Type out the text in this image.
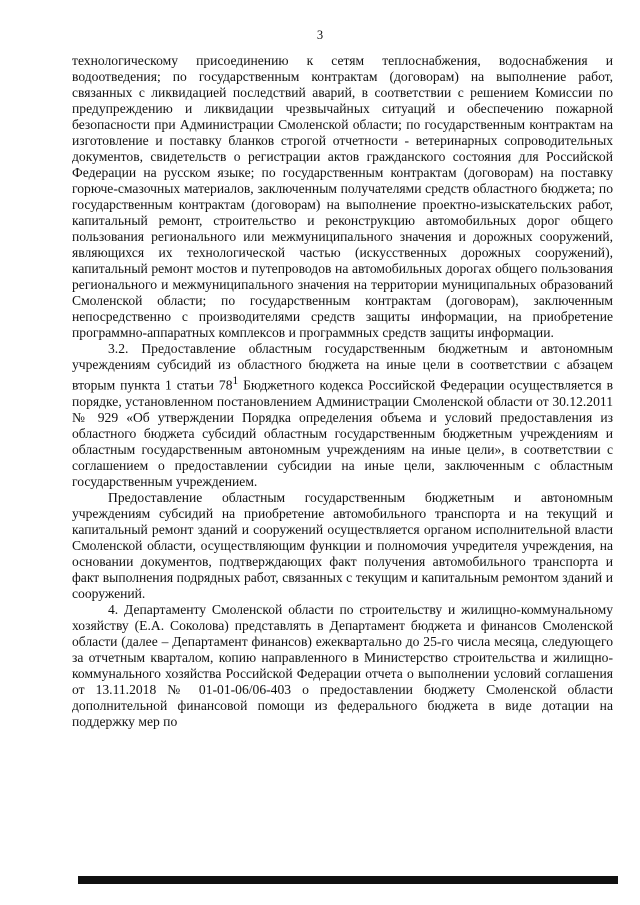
3

технологическому присоединению к сетям теплоснабжения, водоснабжения и водоотведения; по государственным контрактам (договорам) на выполнение работ, связанных с ликвидацией последствий аварий, в соответствии с решением Комиссии по предупреждению и ликвидации чрезвычайных ситуаций и обеспечению пожарной безопасности при Администрации Смоленской области; по государственным контрактам на изготовление и поставку бланков строгой отчетности - ветеринарных сопроводительных документов, свидетельств о регистрации актов гражданского состояния для Российской Федерации на русском языке; по государственным контрактам (договорам) на поставку горюче-смазочных материалов, заключенным получателями средств областного бюджета; по государственным контрактам (договорам) на выполнение проектно-изыскательских работ, капитальный ремонт, строительство и реконструкцию автомобильных дорог общего пользования регионального или межмуниципального значения и дорожных сооружений, являющихся их технологической частью (искусственных дорожных сооружений), капитальный ремонт мостов и путепроводов на автомобильных дорогах общего пользования регионального и межмуниципального значения на территории муниципальных образований Смоленской области; по государственным контрактам (договорам), заключенным непосредственно с производителями средств защиты информации, на приобретение программно-аппаратных комплексов и программных средств защиты информации.

3.2. Предоставление областным государственным бюджетным и автономным учреждениям субсидий из областного бюджета на иные цели в соответствии с абзацем вторым пункта 1 статьи $78^1$ Бюджетного кодекса Российской Федерации осуществляется в порядке, установленном постановлением Администрации Смоленской области от 30.12.2011 № 929 «Об утверждении Порядка определения объема и условий предоставления из областного бюджета субсидий областным государственным бюджетным учреждениям и областным государственным автономным учреждениям на иные цели», в соответствии с соглашением о предоставлении субсидии на иные цели, заключенным с областным государственным учреждением.

Предоставление областным государственным бюджетным и автономным учреждениям субсидий на приобретение автомобильного транспорта и на текущий и капитальный ремонт зданий и сооружений осуществляется органом исполнительной власти Смоленской области, осуществляющим функции и полномочия учредителя учреждения, на основании документов, подтверждающих факт получения автомобильного транспорта и факт выполнения подрядных работ, связанных с текущим и капитальным ремонтом зданий и сооружений.

4. Департаменту Смоленской области по строительству и жилищно-коммунальному хозяйству (Е.А. Соколова) представлять в Департамент бюджета и финансов Смоленской области (далее – Департамент финансов) ежеквартально до 25-го числа месяца, следующего за отчетным кварталом, копию направленного в Министерство строительства и жилищно-коммунального хозяйства Российской Федерации отчета о выполнении условий соглашения от 13.11.2018 № 01-01-06/06-403 о предоставлении бюджету Смоленской области дополнительной финансовой помощи из федерального бюджета в виде дотации на поддержку мер по
